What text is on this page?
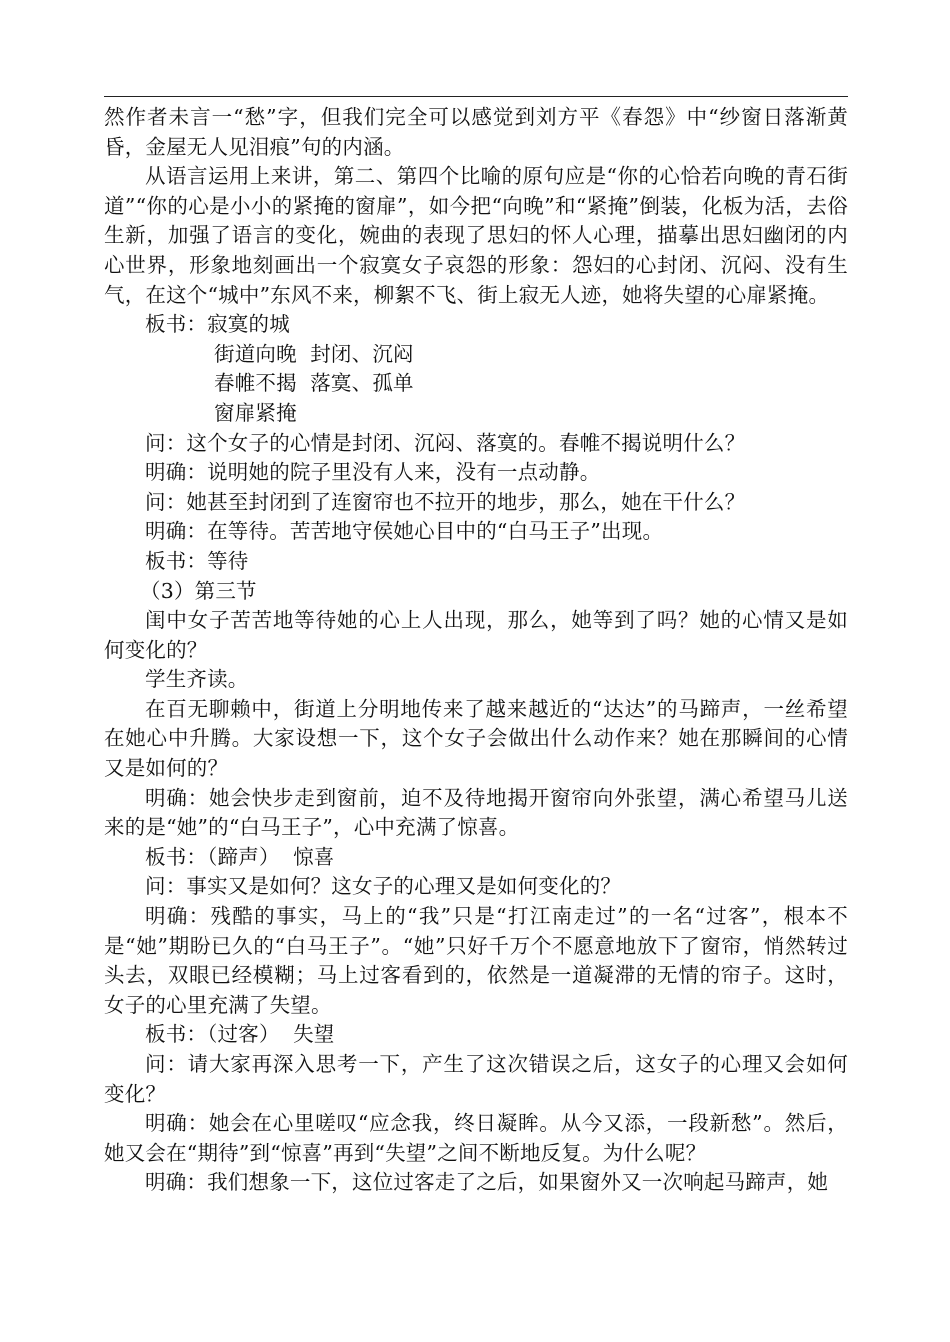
然作者未言一“愁”字，但我们完全可以感觉到刘方平《春怨》中“纱窗日落渐黄昏，金屋无人见泪痕”句的内涵。

从语言运用上来讲，第二、第四个比喻的原句应是“你的心恰若向晚的青石街道”“你的心是小小的紧掩的窗扉”，如今把“向晚”和“紧掩”倒装，化板为活，去俗生新，加强了语言的变化，婉曲的表现了思妇的怀人心理，描摹出思妇幽闭的内心世界，形象地刻画出一个寂寞女子哀怨的形象：怨妇的心封闭、沉闷、没有生气，在这个“城中”东风不来，柳絮不飞、街上寂无人迹，她将失望的心扉紧掩。

板书：寂寞的城

街道向晚  封闭、沉闷

春帷不揭  落寞、孤单

窗扉紧掩

问：这个女子的心情是封闭、沉闷、落寞的。春帷不揭说明什么？

明确：说明她的院子里没有人来，没有一点动静。

问：她甚至封闭到了连窗帘也不拉开的地步，那么，她在干什么？

明确：在等待。苦苦地守侯她心目中的“白马王子”出现。

板书：等待

（3）第三节

闺中女子苦苦地等待她的心上人出现，那么，她等到了吗？她的心情又是如何变化的？

学生齐读。

在百无聊赖中，街道上分明地传来了越来越近的“达达”的马蹄声，一丝希望在她心中升腾。大家设想一下，这个女子会做出什么动作来？她在那瞬间的心情又是如何的？

明确：她会快步走到窗前，迫不及待地揭开窗帘向外张望，满心希望马儿送来的是“她”的“白马王子”，心中充满了惊喜。

板书：（蹄声）  惊喜

问：事实又是如何？这女子的心理又是如何变化的？

明确：残酷的事实，马上的“我”只是“打江南走过”的一名“过客”，根本不是“她”期盼已久的“白马王子”。“她”只好千万个不愿意地放下了窗帘，悄然转过头去，双眼已经模糊；马上过客看到的，依然是一道凝滞的无情的帘子。这时，女子的心里充满了失望。

板书：（过客）  失望

问：请大家再深入思考一下，产生了这次错误之后，这女子的心理又会如何变化？

明确：她会在心里嗟叹“应念我，终日凝眸。从今又添，一段新愁”。然后，她又会在“期待”到“惊喜”再到“失望”之间不断地反复。为什么呢？

明确：我们想象一下，这位过客走了之后，如果窗外又一次响起马蹄声，她
